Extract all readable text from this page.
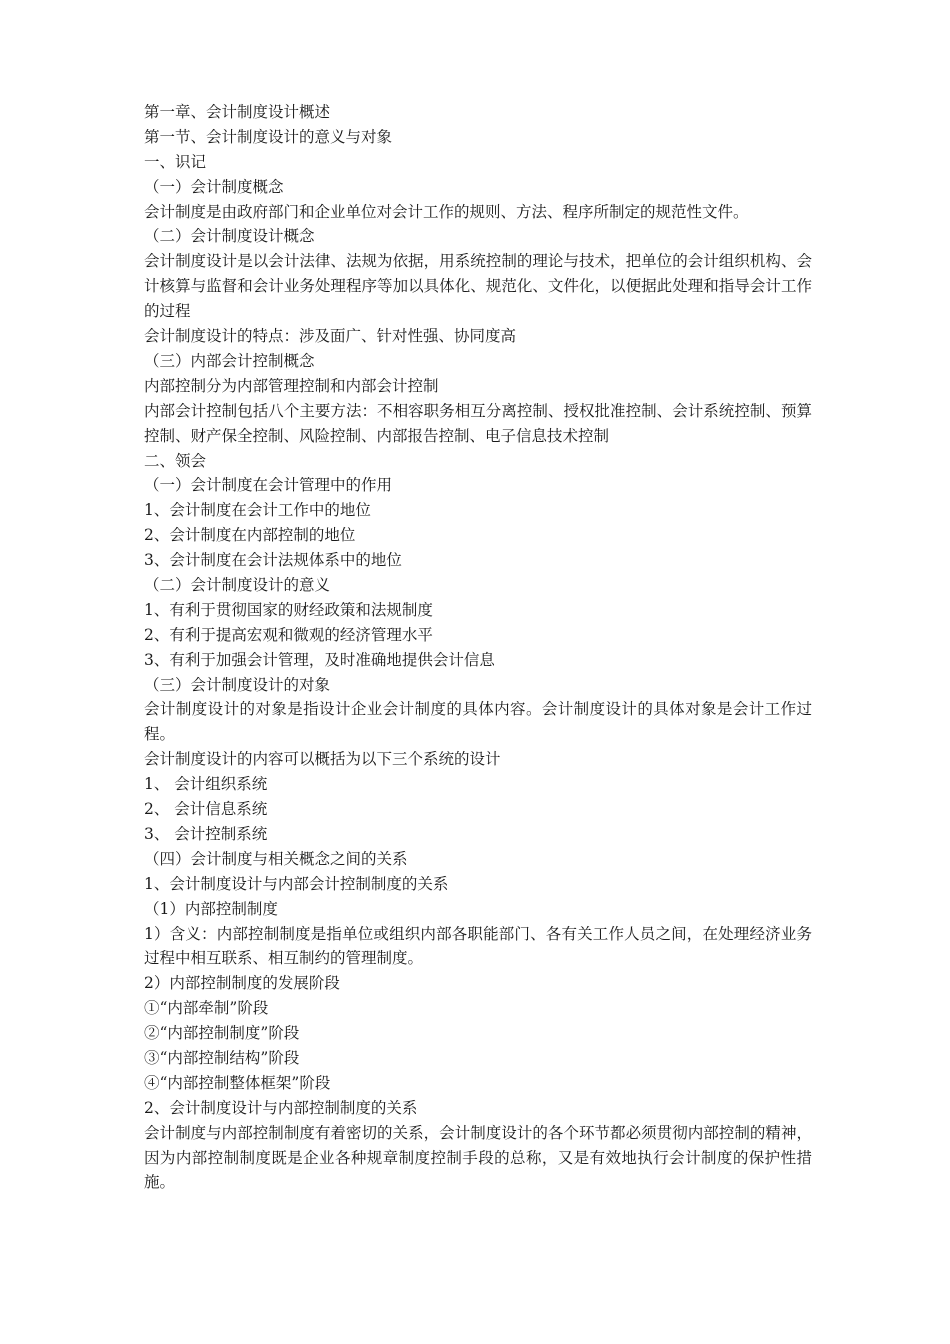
第一章、会计制度设计概述
第一节、会计制度设计的意义与对象
一、识记
（一）会计制度概念
会计制度是由政府部门和企业单位对会计工作的规则、方法、程序所制定的规范性文件。
（二）会计制度设计概念
会计制度设计是以会计法律、法规为依据，用系统控制的理论与技术，把单位的会计组织机构、会计核算与监督和会计业务处理程序等加以具体化、规范化、文件化，以便据此处理和指导会计工作的过程
会计制度设计的特点：涉及面广、针对性强、协同度高
（三）内部会计控制概念
内部控制分为内部管理控制和内部会计控制
内部会计控制包括八个主要方法：不相容职务相互分离控制、授权批准控制、会计系统控制、预算控制、财产保全控制、风险控制、内部报告控制、电子信息技术控制
二、领会
（一）会计制度在会计管理中的作用
1、会计制度在会计工作中的地位
2、会计制度在内部控制的地位
3、会计制度在会计法规体系中的地位
（二）会计制度设计的意义
1、有利于贯彻国家的财经政策和法规制度
2、有利于提高宏观和微观的经济管理水平
3、有利于加强会计管理，及时准确地提供会计信息
（三）会计制度设计的对象
会计制度设计的对象是指设计企业会计制度的具体内容。会计制度设计的具体对象是会计工作过程。
会计制度设计的内容可以概括为以下三个系统的设计
1、 会计组织系统
2、 会计信息系统
3、 会计控制系统
（四）会计制度与相关概念之间的关系
1、会计制度设计与内部会计控制制度的关系
（1）内部控制制度
1）含义：内部控制制度是指单位或组织内部各职能部门、各有关工作人员之间，在处理经济业务过程中相互联系、相互制约的管理制度。
2）内部控制制度的发展阶段
①“内部牵制”阶段
②“内部控制制度”阶段
③“内部控制结构”阶段
④“内部控制整体框架”阶段
2、会计制度设计与内部控制制度的关系
会计制度与内部控制制度有着密切的关系，会计制度设计的各个环节都必须贯彻内部控制的精神，因为内部控制制度既是企业各种规章制度控制手段的总称，又是有效地执行会计制度的保护性措施。
